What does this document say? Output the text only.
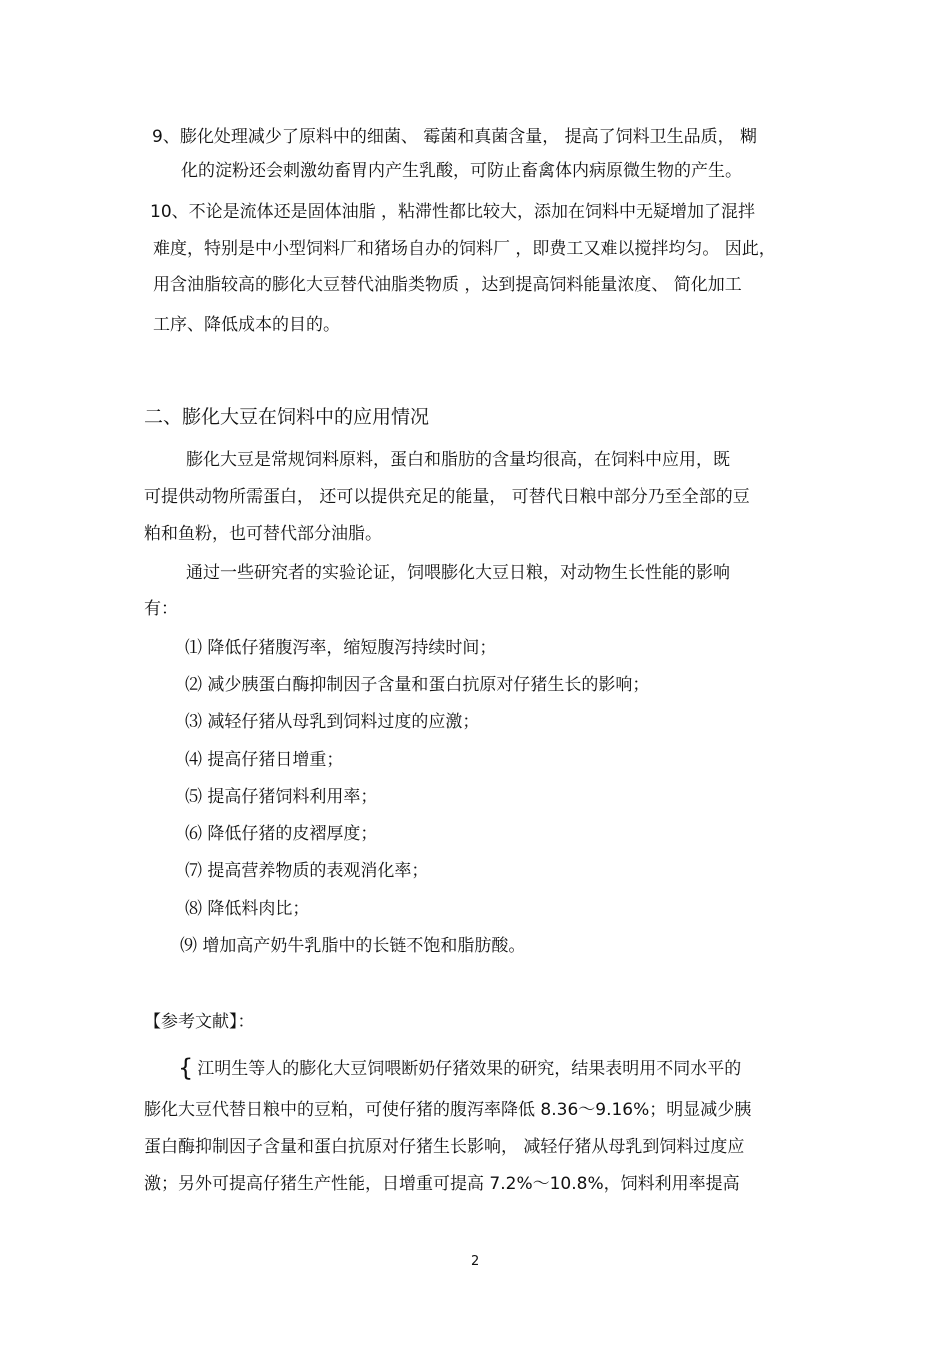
9、膨化处理减少了原料中的细菌、 霉菌和真菌含量， 提高了饲料卫生品质， 糊
化的淀粉还会刺激幼畜胃内产生乳酸，可防止畜禽体内病原微生物的产生。
10、不论是流体还是固体油脂 ，粘滞性都比较大，添加在饲料中无疑增加了混拌
难度，特别是中小型饲料厂和猪场自办的饲料厂 ，即费工又难以搅拌均匀。 因此，
用含油脂较高的膨化大豆替代油脂类物质 ，达到提高饲料能量浓度、 简化加工
工序、降低成本的目的。
二、膨化大豆在饲料中的应用情况
膨化大豆是常规饲料原料，蛋白和脂肪的含量均很高，在饲料中应用，既
可提供动物所需蛋白， 还可以提供充足的能量， 可替代日粮中部分乃至全部的豆
粕和鱼粉，也可替代部分油脂。
通过一些研究者的实验论证，饲喂膨化大豆日粮，对动物生长性能的影响
有：
⑴ 降低仔猪腹泻率，缩短腹泻持续时间；
⑵ 减少胰蛋白酶抑制因子含量和蛋白抗原对仔猪生长的影响；
⑶ 减轻仔猪从母乳到饲料过度的应激；
⑷ 提高仔猪日增重；
⑸ 提高仔猪饲料利用率；
⑹ 降低仔猪的皮褶厚度；
⑺ 提高营养物质的表观消化率；
⑻ 降低料肉比；
⑼ 增加高产奶牛乳脂中的长链不饱和脂肪酸。
【参考文献】：
{ 江明生等人的膨化大豆饲喂断奶仔猪效果的研究，结果表明用不同水平的
膨化大豆代替日粮中的豆粕，可使仔猪的腹泻率降低 8.36～9.16%；明显减少胰
蛋白酶抑制因子含量和蛋白抗原对仔猪生长影响， 减轻仔猪从母乳到饲料过度应
激；另外可提高仔猪生产性能，日增重可提高 7.2%～10.8%，饲料利用率提高
2
